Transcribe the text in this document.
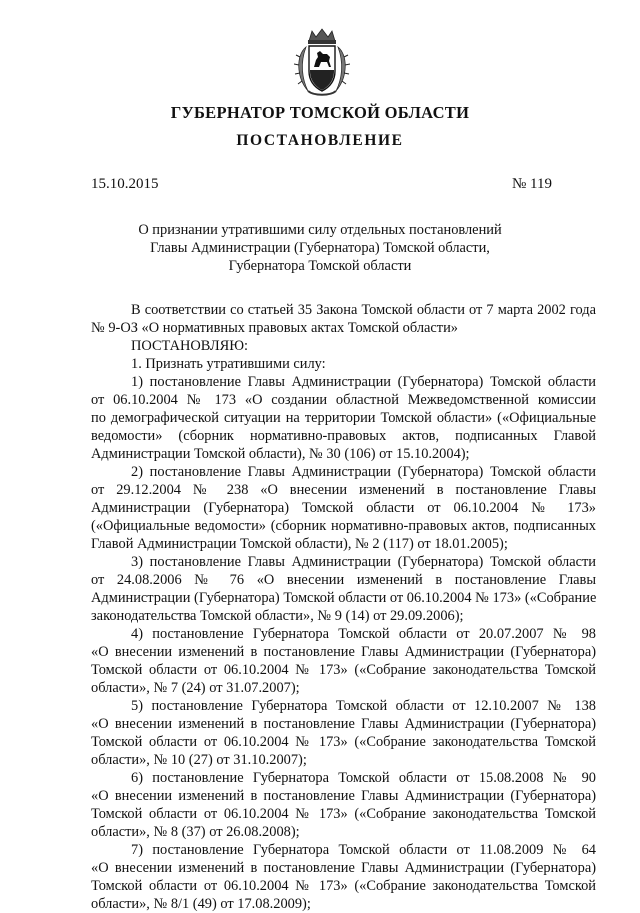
ГУБЕРНАТОР ТОМСКОЙ ОБЛАСТИ
ПОСТАНОВЛЕНИЕ
15.10.2015	№ 119
О признании утратившими силу отдельных постановлений
Главы Администрации (Губернатора) Томской области,
Губернатора Томской области
В соответствии со статьей 35 Закона Томской области от 7 марта 2002 года
№ 9-ОЗ «О нормативных правовых актах Томской области»
ПОСТАНОВЛЯЮ:
1. Признать утратившими силу:
1) постановление Главы Администрации (Губернатора) Томской области
от 06.10.2004 № 173 «О создании областной Межведомственной комиссии
по демографической ситуации на территории Томской области» («Официальные
ведомости» (сборник нормативно-правовых актов, подписанных Главой
Администрации Томской области), № 30 (106) от 15.10.2004);
2) постановление Главы Администрации (Губернатора) Томской области
от 29.12.2004 № 238 «О внесении изменений в постановление Главы
Администрации (Губернатора) Томской области от 06.10.2004 № 173»
(«Официальные ведомости» (сборник нормативно-правовых актов, подписанных
Главой Администрации Томской области), № 2 (117) от 18.01.2005);
3) постановление Главы Администрации (Губернатора) Томской области
от 24.08.2006 № 76 «О внесении изменений в постановление Главы
Администрации (Губернатора) Томской области от 06.10.2004 № 173» («Собрание
законодательства Томской области», № 9 (14) от 29.09.2006);
4) постановление Губернатора Томской области от 20.07.2007 № 98
«О внесении изменений в постановление Главы Администрации (Губернатора)
Томской области от 06.10.2004 № 173» («Собрание законодательства Томской
области», № 7 (24) от 31.07.2007);
5) постановление Губернатора Томской области от 12.10.2007 № 138
«О внесении изменений в постановление Главы Администрации (Губернатора)
Томской области от 06.10.2004 № 173» («Собрание законодательства Томской
области», № 10 (27) от 31.10.2007);
6) постановление Губернатора Томской области от 15.08.2008 № 90
«О внесении изменений в постановление Главы Администрации (Губернатора)
Томской области от 06.10.2004 № 173» («Собрание законодательства Томской
области», № 8 (37) от 26.08.2008);
7) постановление Губернатора Томской области от 11.08.2009 № 64
«О внесении изменений в постановление Главы Администрации (Губернатора)
Томской области от 06.10.2004 № 173» («Собрание законодательства Томской
области», № 8/1 (49) от 17.08.2009);
